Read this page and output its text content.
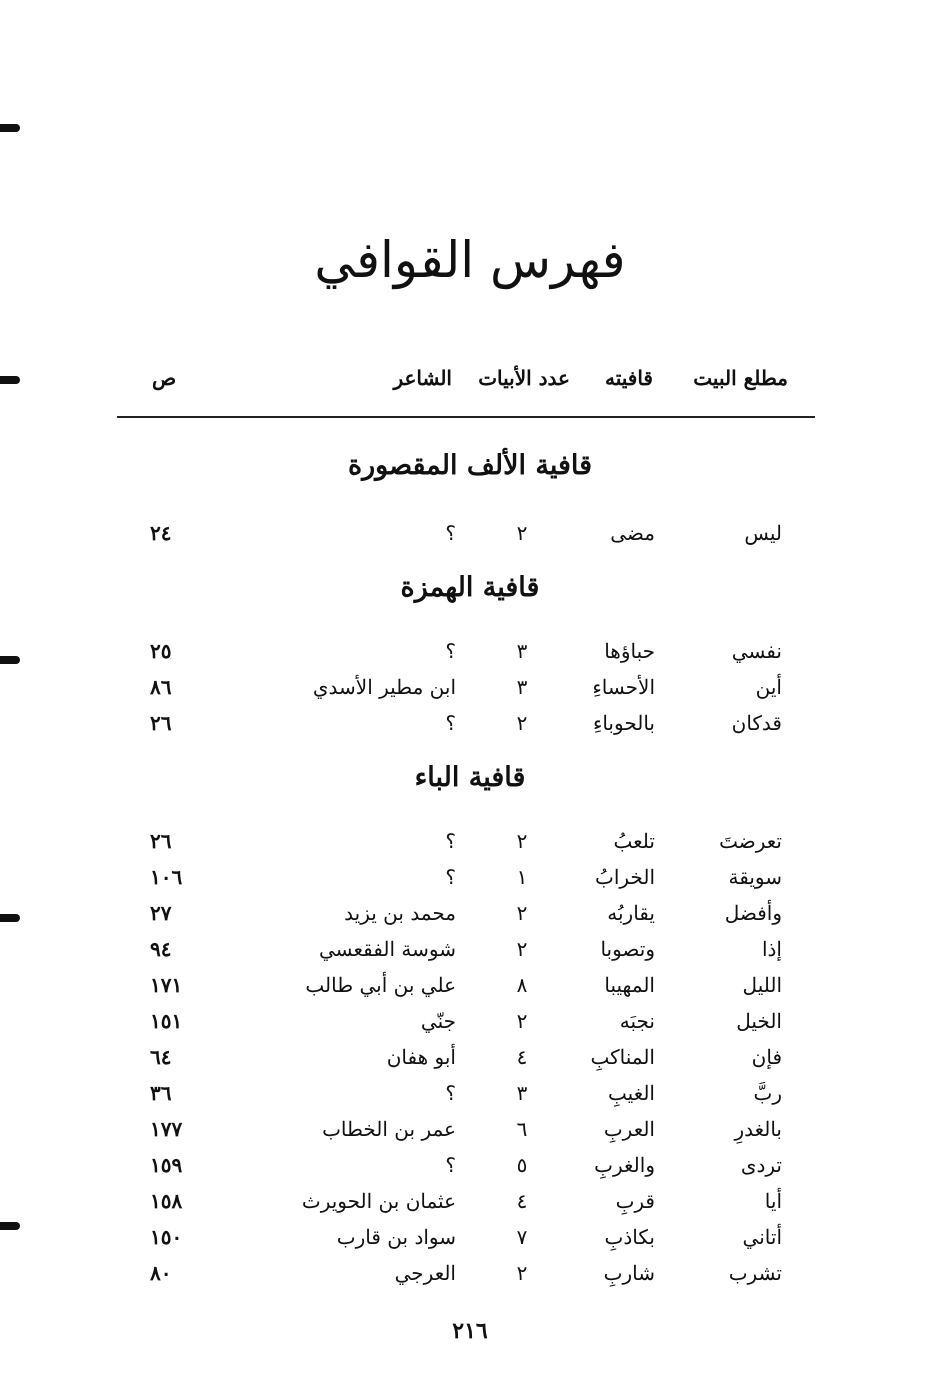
فهرس القوافي
مطلع البيت
قافيته
عدد الأبيات
الشاعر
ص
قافية الألف المقصورة
ليس
مضى
٢
؟
٢٤
قافية الهمزة
نفسي
حباؤها
٣
؟
٢٥
أين
الأحساءِ
٣
ابن مطير الأسدي
٨٦
قدكان
بالحوباءِ
٢
؟
٢٦
قافية الباء
تعرضتَ
تلعبُ
٢
؟
٢٦
سويقة
الخرابُ
١
؟
١٠٦
وأفضل
يقاربُه
٢
محمد بن يزيد
٢٧
إذا
وتصوبا
٢
شوسة الفقعسي
٩٤
الليل
المهيبا
٨
علي بن أبي طالب
١٧١
الخيل
نجبَه
٢
جنّي
١٥١
فإن
المناكبِ
٤
أبو هفان
٦٤
ربَّ
الغيبِ
٣
؟
٣٦
بالغدرِ
العربِ
٦
عمر بن الخطاب
١٧٧
تردى
والغربِ
٥
؟
١٥٩
أيا
قربِ
٤
عثمان بن الحويرث
١٥٨
أتاني
بكاذبِ
٧
سواد بن قارب
١٥٠
تشرب
شاربِ
٢
العرجي
٨٠
٢١٦
